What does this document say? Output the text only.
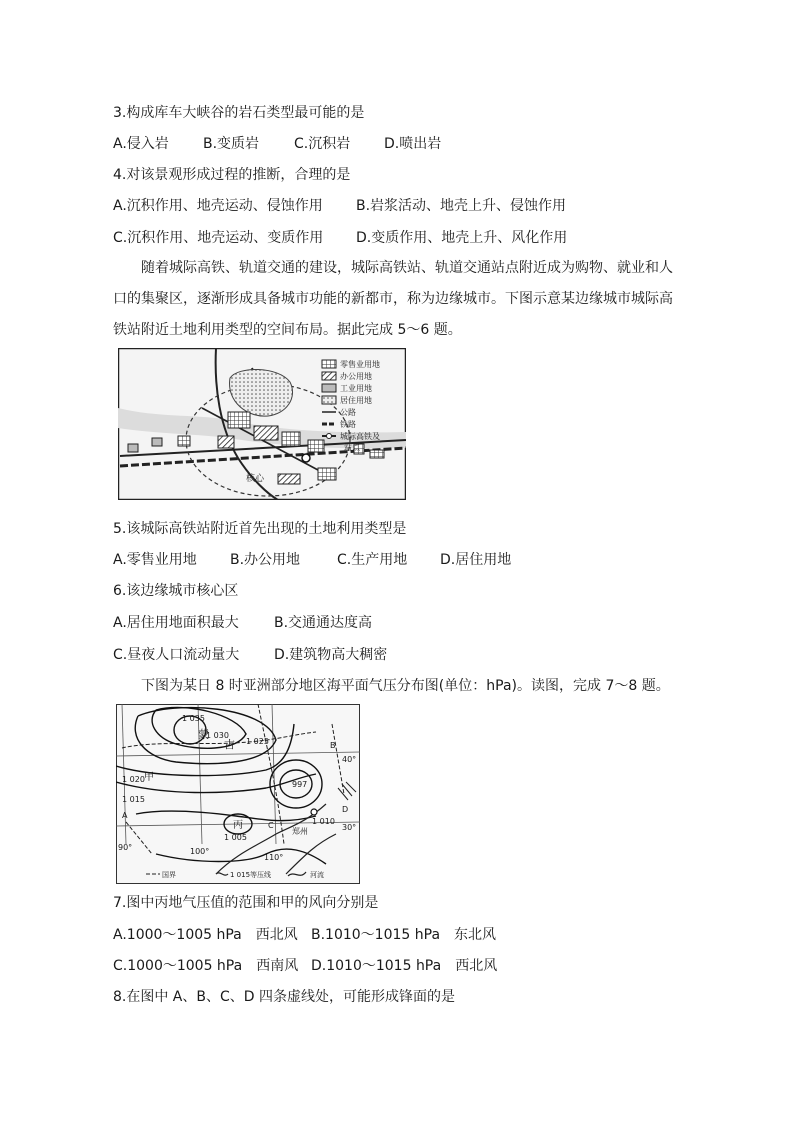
3.构成库车大峡谷的岩石类型最可能的是
A.侵入岩 B.变质岩 C.沉积岩 D.喷出岩
4.对该景观形成过程的推断，合理的是
A.沉积作用、地壳运动、侵蚀作用 B.岩浆活动、地壳上升、侵蚀作用
C.沉积作用、地壳运动、变质作用 D.变质作用、地壳上升、风化作用
随着城际高铁、轨道交通的建设，城际高铁站、轨道交通站点附近成为购物、就业和人口的集聚区，逐渐形成具备城市功能的新都市，称为边缘城市。下图示意某边缘城市城际高铁站附近土地利用类型的空间布局。据此完成 5～6 题。
核心
零售业用地
办公用地
工业用地
居住用地
公路
铁路
城际高铁及
站点
5.该城际高铁站附近首先出现的土地利用类型是
A.零售业用地 B.办公用地	C.生产用地 D.居住用地
6.该边缘城市核心区
A.居住用地面积最大	B.交通通达度高
C.昼夜人口流动量大 D.建筑物高大稠密
下图为某日 8 时亚洲部分地区海平面气压分布图(单位：hPa)。读图，完成 7～8 题。
1 035
1 030
1 025
1 020
1 015
1 010
1 005
997
蒙
古
甲
丙
郑州
A
B
C
D
90°	100°
110°
40°
30°
国界	1 015等压线	河流
7.图中丙地气压值的范围和甲的风向分别是
A.1000～1005 hPa　西北风 B.1010～1015 hPa　东北风
C.1000～1005 hPa　西南风 D.1010～1015 hPa　西北风
8.在图中 A、B、C、D 四条虚线处，可能形成锋面的是
